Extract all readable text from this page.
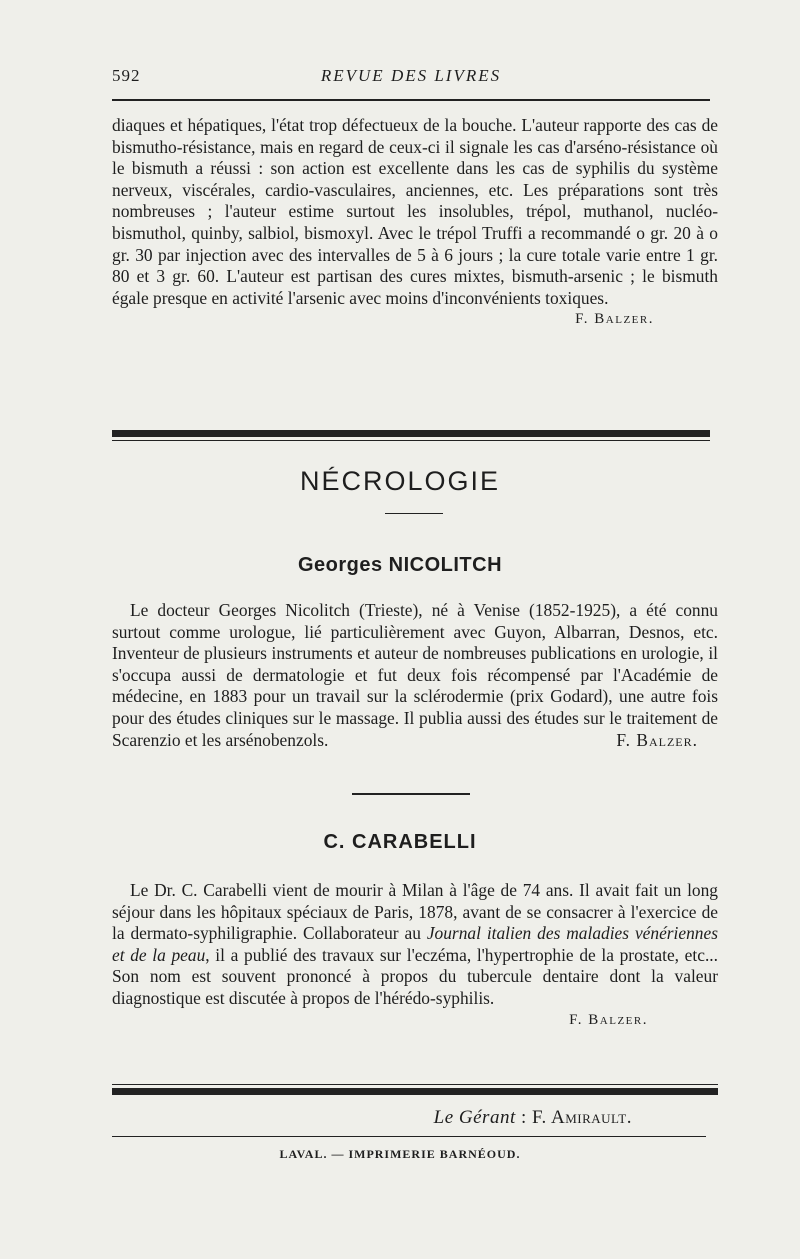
592	REVUE DES LIVRES

diaques et hépatiques, l'état trop défectueux de la bouche. L'auteur rapporte des cas de bismutho-résistance, mais en regard de ceux-ci il signale les cas d'arséno-résistance où le bismuth a réussi : son action est excellente dans les cas de syphilis du système nerveux, viscérales, cardio-vasculaires, anciennes, etc. Les préparations sont très nombreuses ; l'auteur estime surtout les insolubles, trépol, muthanol, nucléo-bismuthol, quinby, salbiol, bismoxyl. Avec le trépol Truffi a recommandé o gr. 20 à o gr. 30 par injection avec des intervalles de 5 à 6 jours ; la cure totale varie entre 1 gr. 80 et 3 gr. 60. L'auteur est partisan des cures mixtes, bismuth-arsenic ; le bismuth égale presque en activité l'arsenic avec moins d'inconvénients toxiques.

F. Balzer.
NÉCROLOGIE
Georges NICOLITCH

Le docteur Georges Nicolitch (Trieste), né à Venise (1852-1925), a été connu surtout comme urologue, lié particulièrement avec Guyon, Albarran, Desnos, etc. Inventeur de plusieurs instruments et auteur de nombreuses publications en urologie, il s'occupa aussi de dermatologie et fut deux fois récompensé par l'Académie de médecine, en 1883 pour un travail sur la sclérodermie (prix Godard), une autre fois pour des études cliniques sur le massage. Il publia aussi des études sur le traitement de Scarenzio et les arsénobenzols.	F. Balzer.

C. CARABELLI

Le Dr. C. Carabelli vient de mourir à Milan à l'âge de 74 ans. Il avait fait un long séjour dans les hôpitaux spéciaux de Paris, 1878, avant de se consacrer à l'exercice de la dermato-syphiligraphie. Collaborateur au Journal italien des maladies vénériennes et de la peau, il a publié des travaux sur l'eczéma, l'hypertrophie de la prostate, etc... Son nom est souvent prononcé à propos du tubercule dentaire dont la valeur diagnostique est discutée à propos de l'hérédo-syphilis.

F. Balzer.
Le Gérant : F. Amirault.
LAVAL. — IMPRIMERIE BARNÉOUD.
